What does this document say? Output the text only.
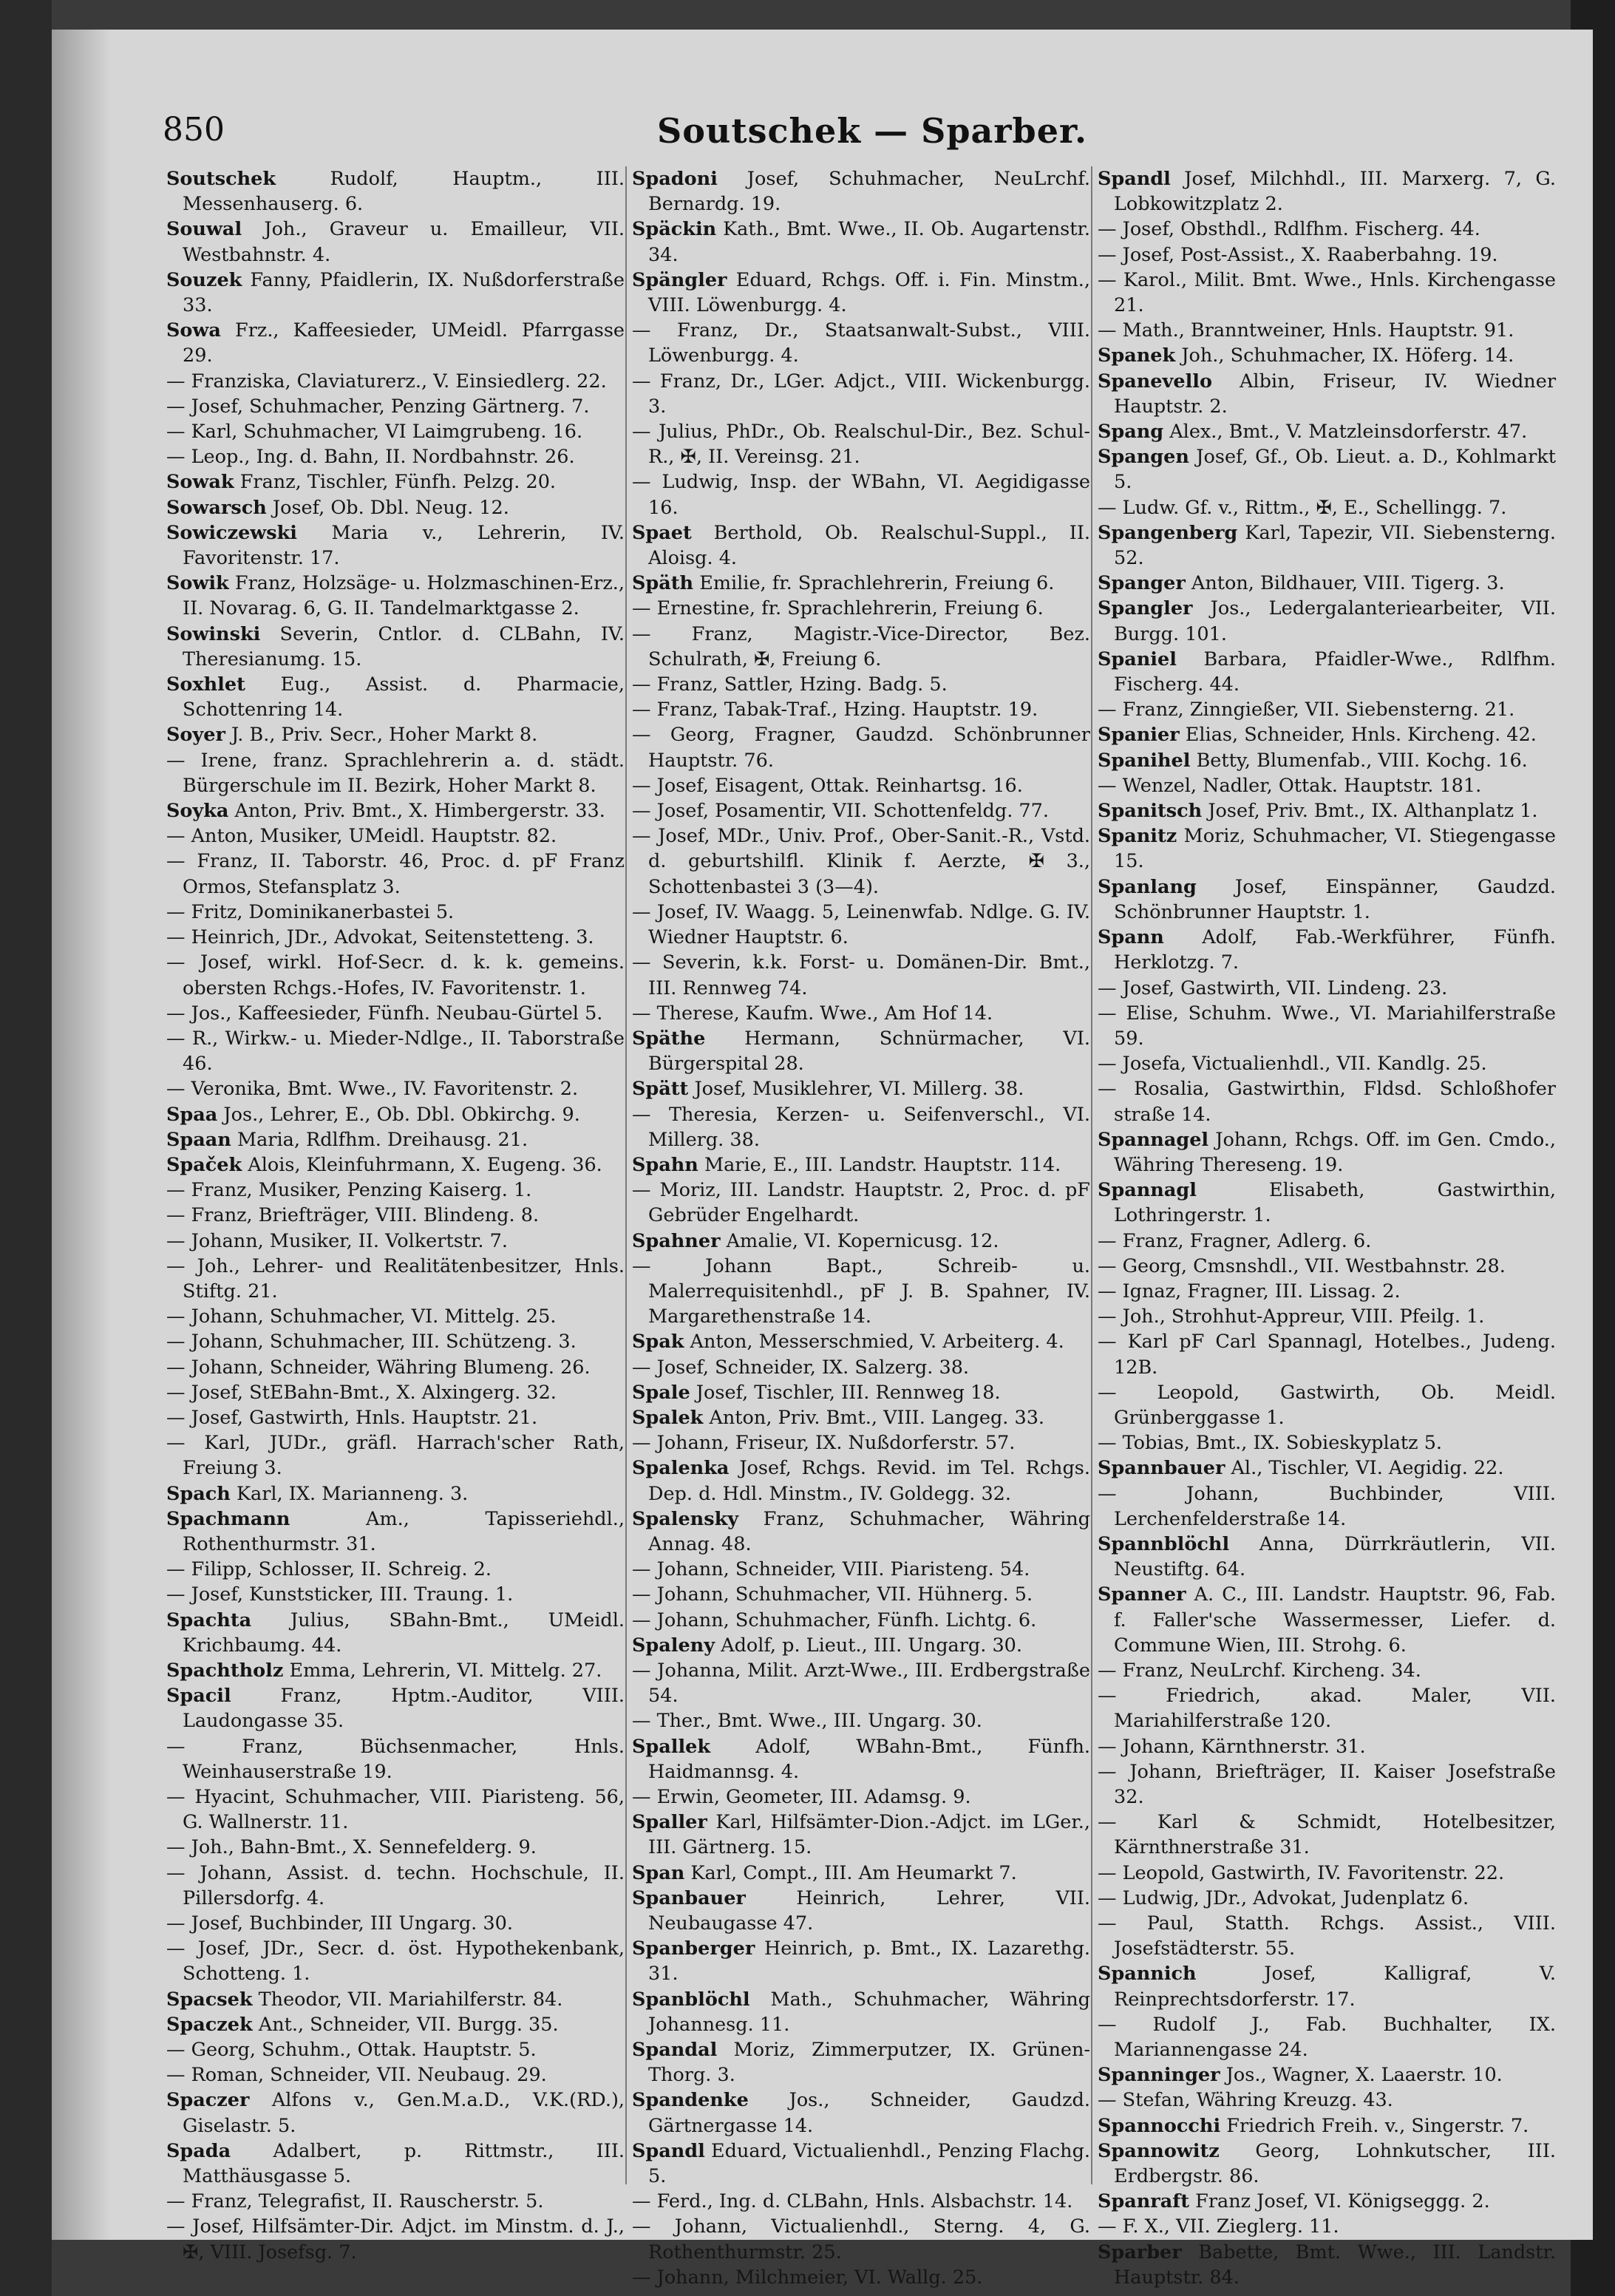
850	Soutschek — Sparber.

Soutschek	Rudolf, Hauptm., III. Messenhauserg. 6.

Souwal Joh., Graveur u. Emailleur, VII. Westbahnstr. 4.

Souzek Fanny, Pfaidlerin, IX. Nußdorferstraße 33.

Sowa Frz., Kaffeesieder, UMeidl. Pfarrgasse 29.

— Franziska, Claviaturerz., V. Einsiedlerg. 22.

— Josef, Schuhmacher, Penzing Gärtnerg. 7.

— Karl, Schuhmacher, VI Laimgrubeng. 16.

— Leop., Ing. d. Bahn, II. Nordbahnstr. 26.

Sowak Franz, Tischler, Fünfh. Pelzg. 20.

Sowarsch Josef, Ob. Dbl. Neug. 12.

Sowiczewski Maria v., Lehrerin, IV. Favoritenstr. 17.

Sowik Franz, Holzsäge- u. Holzmaschinen-Erz., II. Novarag. 6, G. II. Tandelmarktgasse 2.

Sowinski Severin, Cntlor. d. CLBahn, IV. Theresianumg. 15.

Soxhlet Eug., Assist. d. Pharmacie, Schottenring 14.

Soyer J. B., Priv. Secr., Hoher Markt 8.

— Irene, franz. Sprachlehrerin a. d. städt. Bürgerschule im II. Bezirk, Hoher Markt 8.

Soyka Anton, Priv. Bmt., X. Himbergerstr. 33.

— Anton, Musiker, UMeidl. Hauptstr. 82.

— Franz, II. Taborstr. 46, Proc. d. pF Franz Ormos, Stefansplatz 3.

— Fritz, Dominikanerbastei 5.

— Heinrich, JDr., Advokat, Seitenstetteng. 3.

— Josef, wirkl. Hof-Secr. d. k. k. gemeins. obersten Rchgs.-Hofes, IV. Favoritenstr. 1.

— Jos., Kaffeesieder, Fünfh. Neubau-Gürtel 5.

— R., Wirkw.- u. Mieder-Ndlge., II. Taborstraße 46.

— Veronika, Bmt. Wwe., IV. Favoritenstr. 2.

Spaa Jos., Lehrer, E., Ob. Dbl. Obkirchg. 9.

Spaan Maria, Rdlfhm. Dreihausg. 21.

Spaček Alois, Kleinfuhrmann, X. Eugeng. 36.

— Franz, Musiker, Penzing Kaiserg. 1.

— Franz, Briefträger, VIII. Blindeng. 8.

— Johann, Musiker, II. Volkertstr. 7.

— Joh., Lehrer- und Realitätenbesitzer, Hnls. Stiftg. 21.

— Johann, Schuhmacher, VI. Mittelg. 25.

— Johann, Schuhmacher, III. Schützeng. 3.

— Johann, Schneider, Währing Blumeng. 26.

— Josef, StEBahn-Bmt., X. Alxingerg. 32.

— Josef, Gastwirth, Hnls. Hauptstr. 21.

— Karl, JUDr., gräfl. Harrach'scher Rath, Freiung 3.

Spach Karl, IX. Marianneng. 3.

Spachmann	Am., Tapisseriehdl., Rothenthurmstr. 31.

— Filipp, Schlosser, II. Schreig. 2.

— Josef, Kunststicker, III. Traung. 1.

Spachta Julius, SBahn-Bmt., UMeidl. Krichbaumg. 44.

Spachtholz Emma, Lehrerin, VI. Mittelg. 27.

Spacil	Franz, Hptm.-Auditor, VIII. Laudongasse 35.

— Franz, Büchsenmacher, Hnls. Weinhauserstraße 19.

— Hyacint, Schuhmacher, VIII. Piaristeng. 56, G. Wallnerstr. 11.

— Joh., Bahn-Bmt., X. Sennefelderg. 9.

— Johann, Assist. d. techn. Hochschule, II. Pillersdorfg. 4.

— Josef, Buchbinder, III Ungarg. 30.

— Josef, JDr., Secr. d. öst. Hypothekenbank, Schotteng. 1.

Spacsek Theodor, VII. Mariahilferstr. 84.

Spaczek Ant., Schneider, VII. Burgg. 35.

— Georg, Schuhm., Ottak. Hauptstr. 5.

— Roman, Schneider, VII. Neubaug. 29.

Spaczer Alfons v., Gen.M.a.D., V.K.(RD.), Giselastr. 5.

Spada Adalbert, p. Rittmstr., III. Matthäusgasse 5.

— Franz, Telegrafist, II. Rauscherstr. 5.

— Josef, Hilfsämter-Dir. Adjct. im Minstm. d. J., ✠, VIII. Josefsg. 7.

Spadoni Josef, Schuhmacher, NeuLrchf. Bernardg. 19.

Späckin Kath., Bmt. Wwe., II. Ob. Augartenstr. 34.

Spängler Eduard, Rchgs. Off. i. Fin. Minstm., VIII. Löwenburgg. 4.

— Franz, Dr., Staatsanwalt-Subst., VIII. Löwenburgg. 4.

— Franz, Dr., LGer. Adjct., VIII. Wickenburgg. 3.

— Julius, PhDr., Ob. Realschul-Dir., Bez. Schul-R., ✠, II. Vereinsg. 21.

— Ludwig, Insp. der WBahn, VI. Aegidigasse 16.

Spaet Berthold, Ob. Realschul-Suppl., II. Aloisg. 4.

Späth Emilie, fr. Sprachlehrerin, Freiung 6.

— Ernestine, fr. Sprachlehrerin, Freiung 6.

— Franz, Magistr.-Vice-Director, Bez. Schulrath, ✠, Freiung 6.

— Franz, Sattler, Hzing. Badg. 5.

— Franz, Tabak-Traf., Hzing. Hauptstr. 19.

— Georg, Fragner, Gaudzd. Schönbrunner Hauptstr. 76.

— Josef, Eisagent, Ottak. Reinhartsg. 16.

— Josef, Posamentir, VII. Schottenfeldg. 77.

— Josef, MDr., Univ. Prof., Ober-Sanit.-R., Vstd. d. geburtshilfl. Klinik f. Aerzte, ✠ 3., Schottenbastei 3 (3—4).

— Josef, IV. Waagg. 5, Leinenwfab. Ndlge. G. IV. Wiedner Hauptstr. 6.

— Severin, k.k. Forst- u. Domänen-Dir. Bmt., III. Rennweg 74.

— Therese, Kaufm. Wwe., Am Hof 14.

Späthe Hermann, Schnürmacher, VI. Bürgerspital 28.

Spätt Josef, Musiklehrer, VI. Millerg. 38.

— Theresia, Kerzen- u. Seifenverschl., VI. Millerg. 38.

Spahn Marie, E., III. Landstr. Hauptstr. 114.

— Moriz, III. Landstr. Hauptstr. 2, Proc. d. pF Gebrüder Engelhardt.

Spahner Amalie, VI. Kopernicusg. 12.

— Johann Bapt., Schreib- u. Malerrequisitenhdl., pF J. B. Spahner, IV. Margarethenstraße 14.

Spak Anton, Messerschmied, V. Arbeiterg. 4.

— Josef, Schneider, IX. Salzerg. 38.

Spale Josef, Tischler, III. Rennweg 18.

Spalek Anton, Priv. Bmt., VIII. Langeg. 33.

— Johann, Friseur, IX. Nußdorferstr. 57.

Spalenka Josef, Rchgs. Revid. im Tel. Rchgs. Dep. d. Hdl. Minstm., IV. Goldegg. 32.

Spalensky Franz, Schuhmacher, Währing Annag. 48.

— Johann, Schneider, VIII. Piaristeng. 54.

— Johann, Schuhmacher, VII. Hühnerg. 5.

— Johann, Schuhmacher, Fünfh. Lichtg. 6.

Spaleny Adolf, p. Lieut., III. Ungarg. 30.

— Johanna, Milit. Arzt-Wwe., III. Erdbergstraße 54.

— Ther., Bmt. Wwe., III. Ungarg. 30.

Spallek Adolf, WBahn-Bmt., Fünfh. Haidmannsg. 4.

— Erwin, Geometer, III. Adamsg. 9.

Spaller Karl, Hilfsämter-Dion.-Adjct. im LGer., III. Gärtnerg. 15.

Span Karl, Compt., III. Am Heumarkt 7.

Spanbauer	Heinrich, Lehrer, VII. Neubaugasse 47.

Spanberger Heinrich, p. Bmt., IX. Lazarethg. 31.

Spanblöchl Math., Schuhmacher, Währing Johannesg. 11.

Spandal Moriz, Zimmerputzer, IX. Grünen-Thorg. 3.

Spandenke Jos., Schneider, Gaudzd. Gärtnergasse 14.

Spandl Eduard, Victualienhdl., Penzing Flachg. 5.

— Ferd., Ing. d. CLBahn, Hnls. Alsbachstr. 14.

— Johann, Victualienhdl., Sterng. 4, G. Rothenthurmstr. 25.

— Johann, Milchmeier, VI. Wallg. 25.

Spandl Josef, Milchhdl., III. Marxerg. 7, G. Lobkowitzplatz 2.

— Josef, Obsthdl., Rdlfhm. Fischerg. 44.

— Josef, Post-Assist., X. Raaberbahng. 19.

— Karol., Milit. Bmt. Wwe., Hnls. Kirchengasse 21.

— Math., Branntweiner, Hnls. Hauptstr. 91.

Spanek Joh., Schuhmacher, IX. Höferg. 14.

Spanevello Albin, Friseur, IV. Wiedner Hauptstr. 2.

Spang Alex., Bmt., V. Matzleinsdorferstr. 47.

Spangen Josef, Gf., Ob. Lieut. a. D., Kohlmarkt 5.

— Ludw. Gf. v., Rittm., ✠, E., Schellingg. 7.

Spangenberg Karl, Tapezir, VII. Siebensterng. 52.

Spanger Anton, Bildhauer, VIII. Tigerg. 3.

Spangler Jos., Ledergalanteriearbeiter, VII. Burgg. 101.

Spaniel Barbara, Pfaidler-Wwe., Rdlfhm. Fischerg. 44.

— Franz, Zinngießer, VII. Siebensterng. 21.

Spanier Elias, Schneider, Hnls. Kircheng. 42.

Spanihel Betty, Blumenfab., VIII. Kochg. 16.

— Wenzel, Nadler, Ottak. Hauptstr. 181.

Spanitsch Josef, Priv. Bmt., IX. Althanplatz 1.

Spanitz Moriz, Schuhmacher, VI. Stiegengasse 15.

Spanlang Josef, Einspänner, Gaudzd. Schönbrunner Hauptstr. 1.

Spann Adolf, Fab.-Werkführer, Fünfh. Herklotzg. 7.

— Josef, Gastwirth, VII. Lindeng. 23.

— Elise, Schuhm. Wwe., VI. Mariahilferstraße 59.

— Josefa, Victualienhdl., VII. Kandlg. 25.

— Rosalia, Gastwirthin, Fldsd. Schloßhofer straße 14.

Spannagel Johann, Rchgs. Off. im Gen. Cmdo., Währing Thereseng. 19.

Spannagl	Elisabeth, Gastwirthin, Lothringerstr. 1.

— Franz, Fragner, Adlerg. 6.

— Georg, Cmsnshdl., VII. Westbahnstr. 28.

— Ignaz, Fragner, III. Lissag. 2.

— Joh., Strohhut-Appreur, VIII. Pfeilg. 1.

— Karl pF Carl Spannagl, Hotelbes., Judeng. 12B.

— Leopold, Gastwirth, Ob. Meidl. Grünberggasse 1.

— Tobias, Bmt., IX. Sobieskyplatz 5.

Spannbauer Al., Tischler, VI. Aegidig. 22.

— Johann, Buchbinder, VIII. Lerchenfelderstraße 14.

Spannblöchl Anna, Dürrkräutlerin, VII. Neustiftg. 64.

Spanner A. C., III. Landstr. Hauptstr. 96, Fab. f. Faller'sche Wassermesser, Liefer. d. Commune Wien, III. Strohg. 6.

— Franz, NeuLrchf. Kircheng. 34.

— Friedrich, akad. Maler, VII. Mariahilferstraße 120.

— Johann, Kärnthnerstr. 31.

— Johann, Briefträger, II. Kaiser Josefstraße 32.

— Karl & Schmidt, Hotelbesitzer, Kärnthnerstraße 31.

— Leopold, Gastwirth, IV. Favoritenstr. 22.

— Ludwig, JDr., Advokat, Judenplatz 6.

— Paul, Statth. Rchgs. Assist., VIII. Josefstädterstr. 55.

Spannich	Josef, Kalligraf, V. Reinprechtsdorferstr. 17.

— Rudolf J., Fab. Buchhalter, IX. Mariannengasse 24.

Spanninger Jos., Wagner, X. Laaerstr. 10.

— Stefan, Währing Kreuzg. 43.

Spannocchi Friedrich Freih. v., Singerstr. 7.

Spannowitz Georg, Lohnkutscher, III. Erdbergstr. 86.

Spanraft Franz Josef, VI. Königseggg. 2.

— F. X., VII. Zieglerg. 11.

Sparber Babette, Bmt. Wwe., III. Landstr. Hauptstr. 84.
